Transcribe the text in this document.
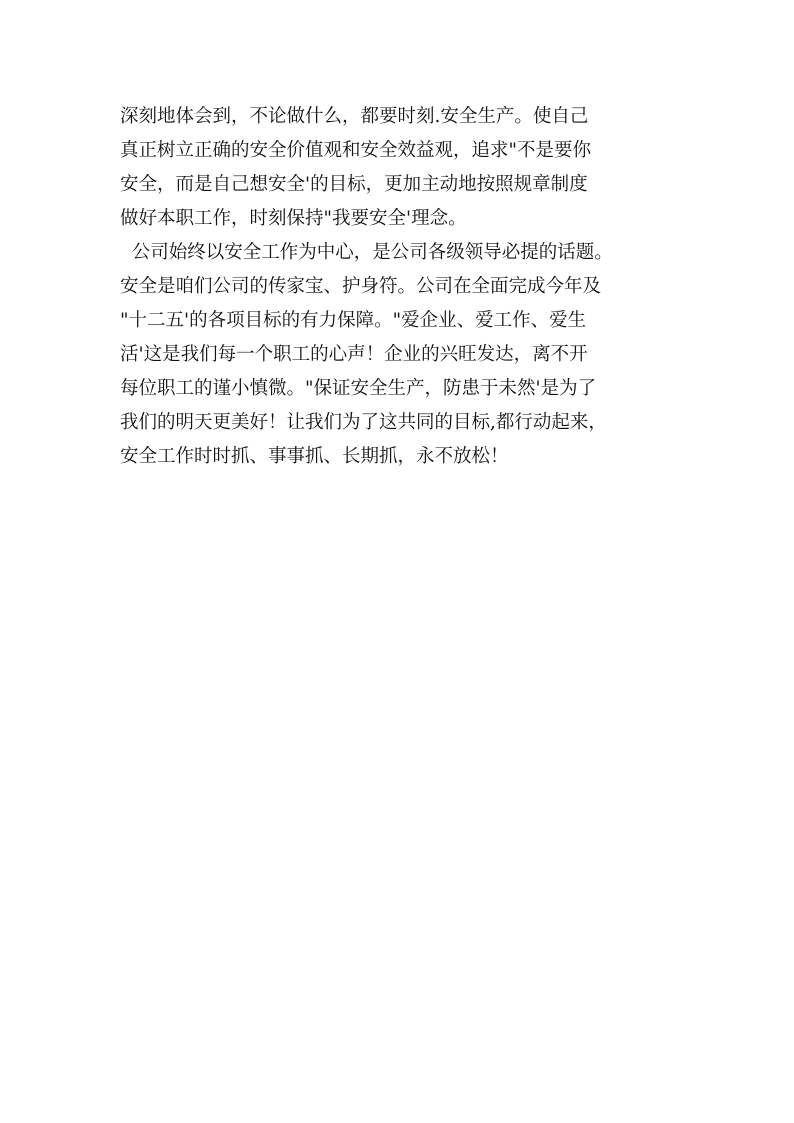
深刻地体会到，不论做什么，都要时刻.安全生产。使自己
真正树立正确的安全价值观和安全效益观，追求"不是要你
安全，而是自己想安全'的目标，更加主动地按照规章制度
做好本职工作，时刻保持"我要安全'理念。
公司始终以安全工作为中心，是公司各级领导必提的话题。
安全是咱们公司的传家宝、护身符。公司在全面完成今年及
"十二五'的各项目标的有力保障。"爱企业、爱工作、爱生
活'这是我们每一个职工的心声！企业的兴旺发达，离不开
每位职工的谨小慎微。"保证安全生产，防患于未然'是为了
我们的明天更美好！让我们为了这共同的目标,都行动起来，
安全工作时时抓、事事抓、长期抓，永不放松！
